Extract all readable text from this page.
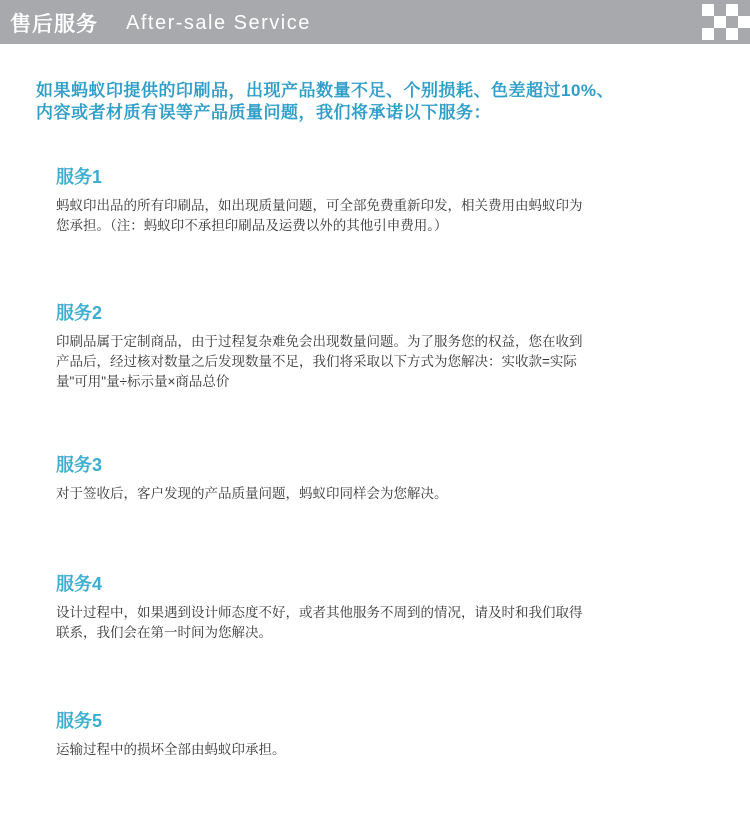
售后服务 After-sale Service
如果蚂蚁印提供的印刷品，出现产品数量不足、个别损耗、色差超过10%、
内容或者材质有误等产品质量问题，我们将承诺以下服务：
服务1
蚂蚁印出品的所有印刷品，如出现质量问题，可全部免费重新印发，相关费用由蚂蚁印为
您承担。（注：蚂蚁印不承担印刷品及运费以外的其他引申费用。）
服务2
印刷品属于定制商品，由于过程复杂难免会出现数量问题。为了服务您的权益，您在收到
产品后，经过核对数量之后发现数量不足，我们将采取以下方式为您解决：实收款=实际
量"可用"量÷标示量×商品总价
服务3
对于签收后，客户发现的产品质量问题，蚂蚁印同样会为您解决。
服务4
设计过程中，如果遇到设计师态度不好，或者其他服务不周到的情况，请及时和我们取得
联系，我们会在第一时间为您解决。
服务5
运输过程中的损坏全部由蚂蚁印承担。
